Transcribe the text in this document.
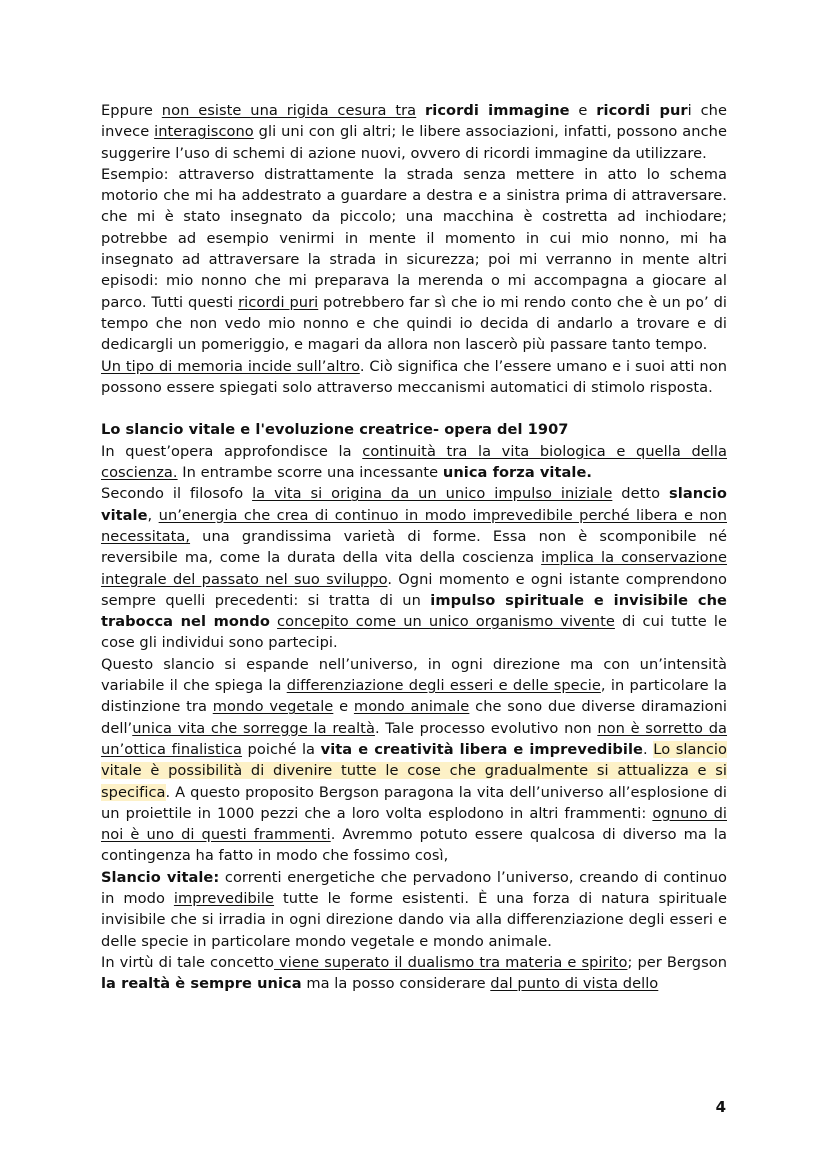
Eppure non esiste una rigida cesura tra ricordi immagine e ricordi puri che invece interagiscono gli uni con gli altri; le libere associazioni, infatti, possono anche suggerire l’uso di schemi di azione nuovi, ovvero di ricordi immagine da utilizzare.

Esempio: attraverso distrattamente la strada senza mettere in atto lo schema motorio che mi ha addestrato a guardare a destra e a sinistra prima di attraversare. che mi è stato insegnato da piccolo; una macchina è costretta ad inchiodare; potrebbe ad esempio venirmi in mente il momento in cui mio nonno, mi ha insegnato ad attraversare la strada in sicurezza; poi mi verranno in mente altri episodi: mio nonno che mi preparava la merenda o mi accompagna a giocare al parco. Tutti questi ricordi puri potrebbero far sì che io mi rendo conto che è un po’ di tempo che non vedo mio nonno e che quindi io decida di andarlo a trovare e di dedicargli un pomeriggio, e magari da allora non lascerò più passare tanto tempo.

Un tipo di memoria incide sull’altro. Ciò significa che l’essere umano e i suoi atti non possono essere spiegati solo attraverso meccanismi automatici di stimolo risposta.

Lo slancio vitale e l'evoluzione creatrice- opera del 1907

In quest’opera approfondisce la continuità tra la vita biologica e quella della coscienza. In entrambe scorre una incessante unica forza vitale.

Secondo il filosofo la vita si origina da un unico impulso iniziale detto slancio vitale, un’energia che crea di continuo in modo imprevedibile perché libera e non necessitata, una grandissima varietà di forme. Essa non è scomponibile né reversibile ma, come la durata della vita della coscienza implica la conservazione integrale del passato nel suo sviluppo. Ogni momento e ogni istante comprendono sempre quelli precedenti: si tratta di un impulso spirituale e invisibile che trabocca nel mondo concepito come un unico organismo vivente di cui tutte le cose gli individui sono partecipi.

Questo slancio si espande nell’universo, in ogni direzione ma con un’intensità variabile il che spiega la differenziazione degli esseri e delle specie, in particolare la distinzione tra mondo vegetale e mondo animale che sono due diverse diramazioni dell’unica vita che sorregge la realtà. Tale processo evolutivo non non è sorretto da un’ottica finalistica poiché la vita e creatività libera e imprevedibile. Lo slancio vitale è possibilità di divenire tutte le cose che gradualmente si attualizza e si specifica. A questo proposito Bergson paragona la vita dell’universo all’esplosione di un proiettile in 1000 pezzi che a loro volta esplodono in altri frammenti: ognuno di noi è uno di questi frammenti. Avremmo potuto essere qualcosa di diverso ma la contingenza ha fatto in modo che fossimo così,

Slancio vitale: correnti energetiche che pervadono l’universo, creando di continuo in modo imprevedibile tutte le forme esistenti. È una forza di natura spirituale invisibile che si irradia in ogni direzione dando via alla differenziazione degli esseri e delle specie in particolare mondo vegetale e mondo animale.

In virtù di tale concetto viene superato il dualismo tra materia e spirito; per Bergson la realtà è sempre unica ma la posso considerare dal punto di vista dello

4
